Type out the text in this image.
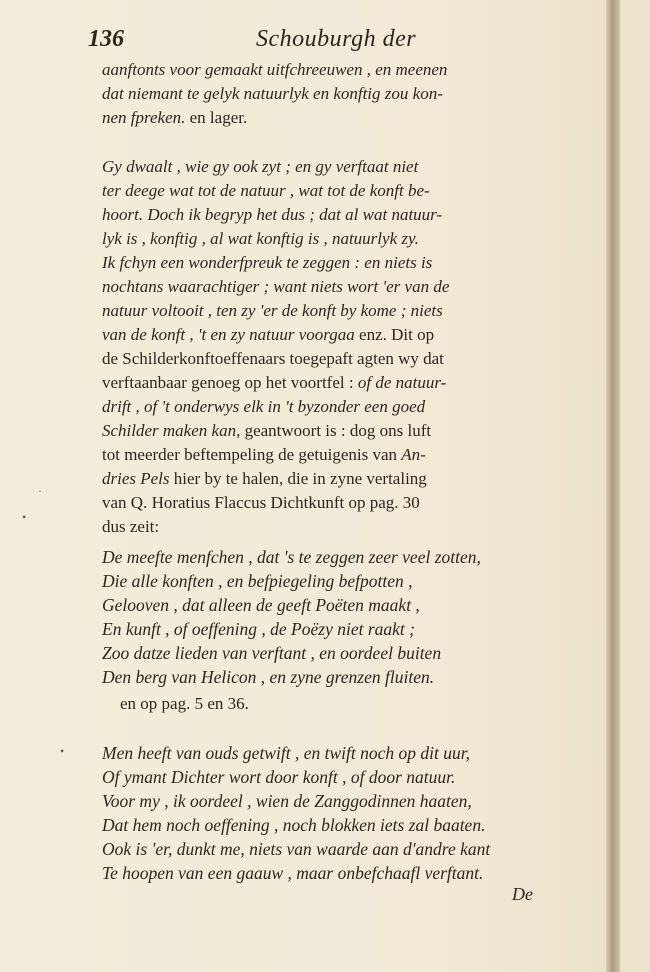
136	Schouburgh der
aanftonts voor gemaakt uitfchreeuwen , en meenen
dat niemant te gelyk natuurlyk en konftig zou kon-
nen fpreken. en lager.
Gy dwaalt , wie gy ook zyt ; en gy verftaat niet
ter deege wat tot de natuur , wat tot de konft be-
hoort. Doch ik begryp het dus ; dat al wat natuur-
lyk is , konftig , al wat konftig is , natuurlyk zy.
Ik fchyn een wonderfpreuk te zeggen : en niets is
nochtans waarachtiger ; want niets wort 'er van de
natuur voltooit , ten zy 'er de konft by kome ; niets
van de konft , 't en zy natuur voorgaa enz. Dit op
de Schilderkonftoeffenaars toegepaft agten wy dat
verftaanbaar genoeg op het voortfel : of de natuur-
drift , of 't onderwys elk in 't byzonder een goed
Schilder maken kan, geantwoort is : dog ons luft
tot meerder beftempeling de getuigenis van An-
dries Pels hier by te halen, die in zyne vertaling
van Q. Horatius Flaccus Dichtkunft op pag. 30
dus zeit:
De meefte menfchen , dat 's te zeggen zeer veel zotten,
Die alle konften , en befpiegeling befpotten ,
Gelooven , dat alleen de geeft Poëten maakt ,
En kunft , of oeffening , de Poëzy niet raakt ;
Zoo datze lieden van verftant , en oordeel buiten
Den berg van Helicon , en zyne grenzen fluiten.
en op pag. 5 en 36.
Men heeft van ouds getwift , en twift noch op dit uur,
Of ymant Dichter wort door konft , of door natuur.
Voor my , ik oordeel , wien de Zanggodinnen haaten,
Dat hem noch oeffening , noch blokken iets zal baaten.
Ook is 'er, dunkt me, niets van waarde aan d'andre kant
Te hoopen van een gaauw , maar onbefchaafl verftant.
De
·
•
•
